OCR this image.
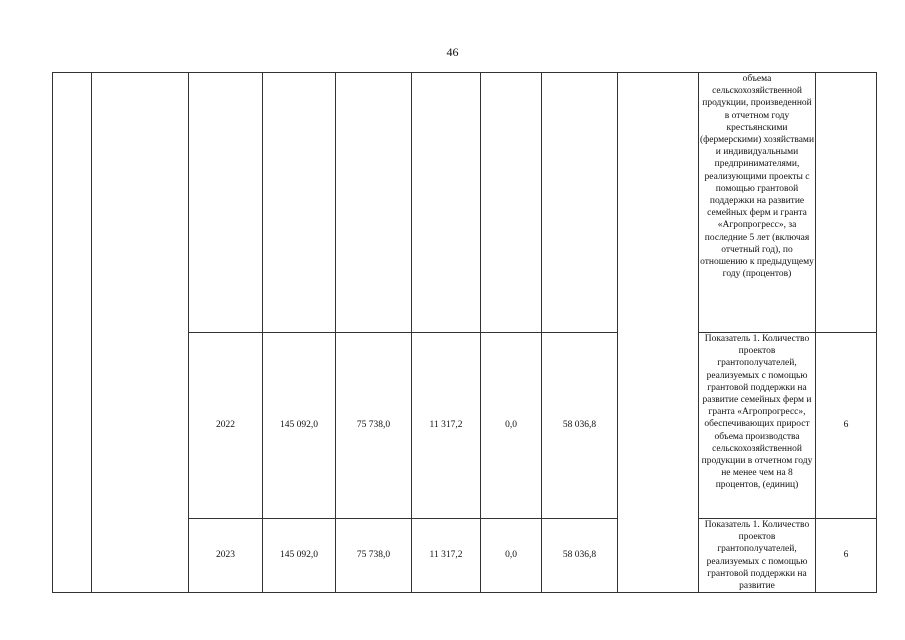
46

									объема сельскохозяйственной продукции, произведенной в отчетном году крестьянскими (фермерскими) хозяйствами и индивидуальными предпринимателями, реализующими проекты с помощью грантовой поддержки на развитие семейных ферм и гранта «Агропрогресс», за последние 5 лет (включая отчетный год), по отношению к предыдущему году (процентов)	

		2022	145 092,0	75 738,0	11 317,2	0,0	58 036,8		Показатель 1. Количество проектов грантополучателей, реализуемых с помощью грантовой поддержки на развитие семейных ферм и гранта «Агропрогресс», обеспечивающих прирост объема производства сельскохозяйственной продукции в отчетном году не менее чем на 8 процентов, (единиц)	6
		2023	145 092,0	75 738,0	11 317,2	0,0	58 036,8		Показатель 1. Количество проектов грантополучателей, реализуемых с помощью грантовой поддержки на развитие	6
